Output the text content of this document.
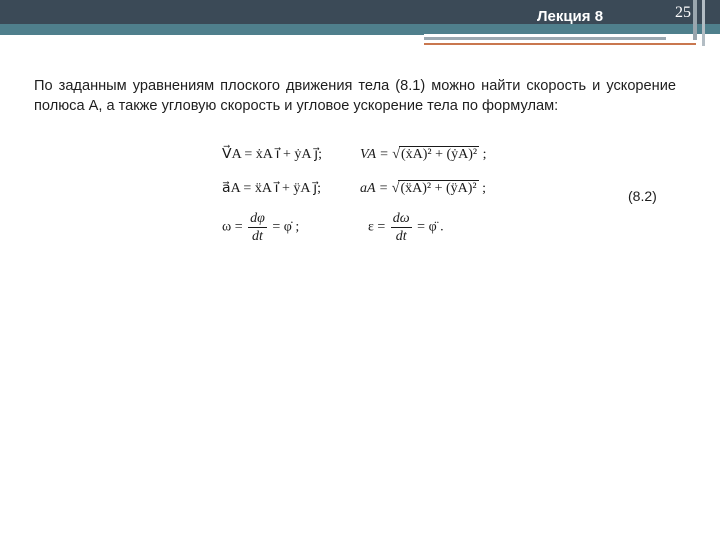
Лекция 8	25
По заданным уравнениям плоского движения тела (8.1) можно найти скорость и ускорение полюса A, а также угловую скорость и угловое ускорение тела по формулам:
V⃗A = ẋA i⃗ + ẏA j⃗;	VA = √(ẋA)² + (ẏA)² ;
a⃗A = ẍA i⃗ + ÿA j⃗;	aA = √(ẍA)² + (ÿA)² ;
$\omega = \frac{d\varphi}{dt}$ = φ̇ ;	$\varepsilon = \frac{d\omega}{dt}$ = φ̈ .
(8.2)
